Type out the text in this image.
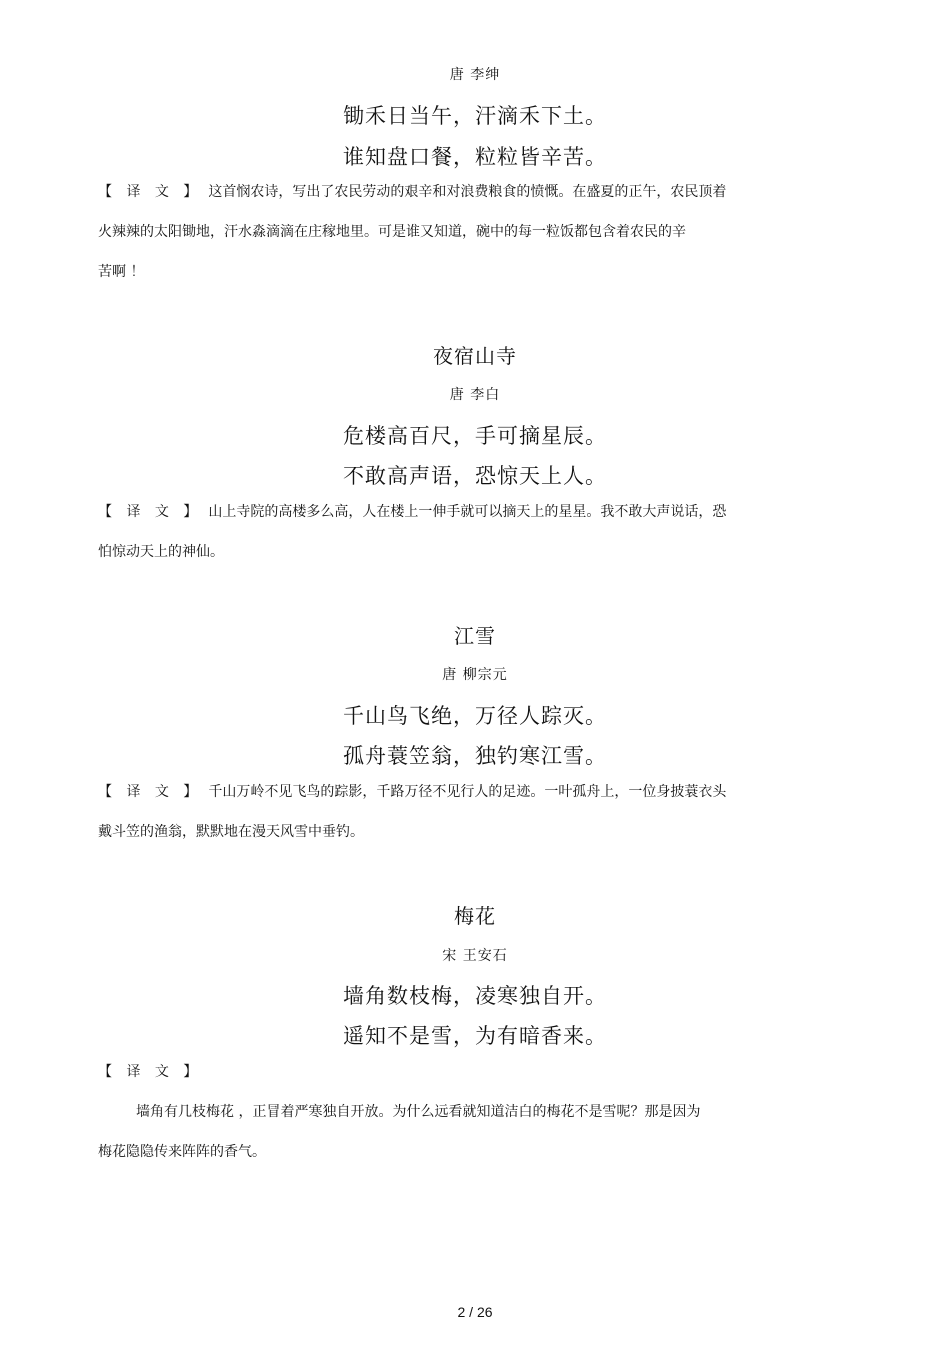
唐 李绅
锄禾日当午，汗滴禾下土。
谁知盘口餐，粒粒皆辛苦。
【 译 文 】 这首悯农诗，写出了农民劳动的艰辛和对浪费粮食的愤慨。在盛夏的正午，农民顶着
火辣辣的太阳锄地，汗水淼滴滴在庄稼地里。可是谁又知道，碗中的每一粒饭都包含着农民的辛
苦啊 ！
夜宿山寺
唐 李白
危楼高百尺，手可摘星辰。
不敢高声语，恐惊天上人。
【 译 文 】 山上寺院的高楼多么高，人在楼上一伸手就可以摘天上的星星。我不敢大声说话，恐
怕惊动天上的神仙。
江雪
唐 柳宗元
千山鸟飞绝，万径人踪灭。
孤舟蓑笠翁，独钓寒江雪。
【 译 文 】 千山万岭不见飞鸟的踪影，千路万径不见行人的足迹。一叶孤舟上，一位身披蓑衣头
戴斗笠的渔翁，默默地在漫天风雪中垂钓。
梅花
宋 王安石
墙角数枝梅，凌寒独自开。
遥知不是雪，为有暗香来。
【 译 文 】
墙角有几枝梅花 ，正冒着严寒独自开放。为什么远看就知道洁白的梅花不是雪呢？那是因为
梅花隐隐传来阵阵的香气。
2 / 26
